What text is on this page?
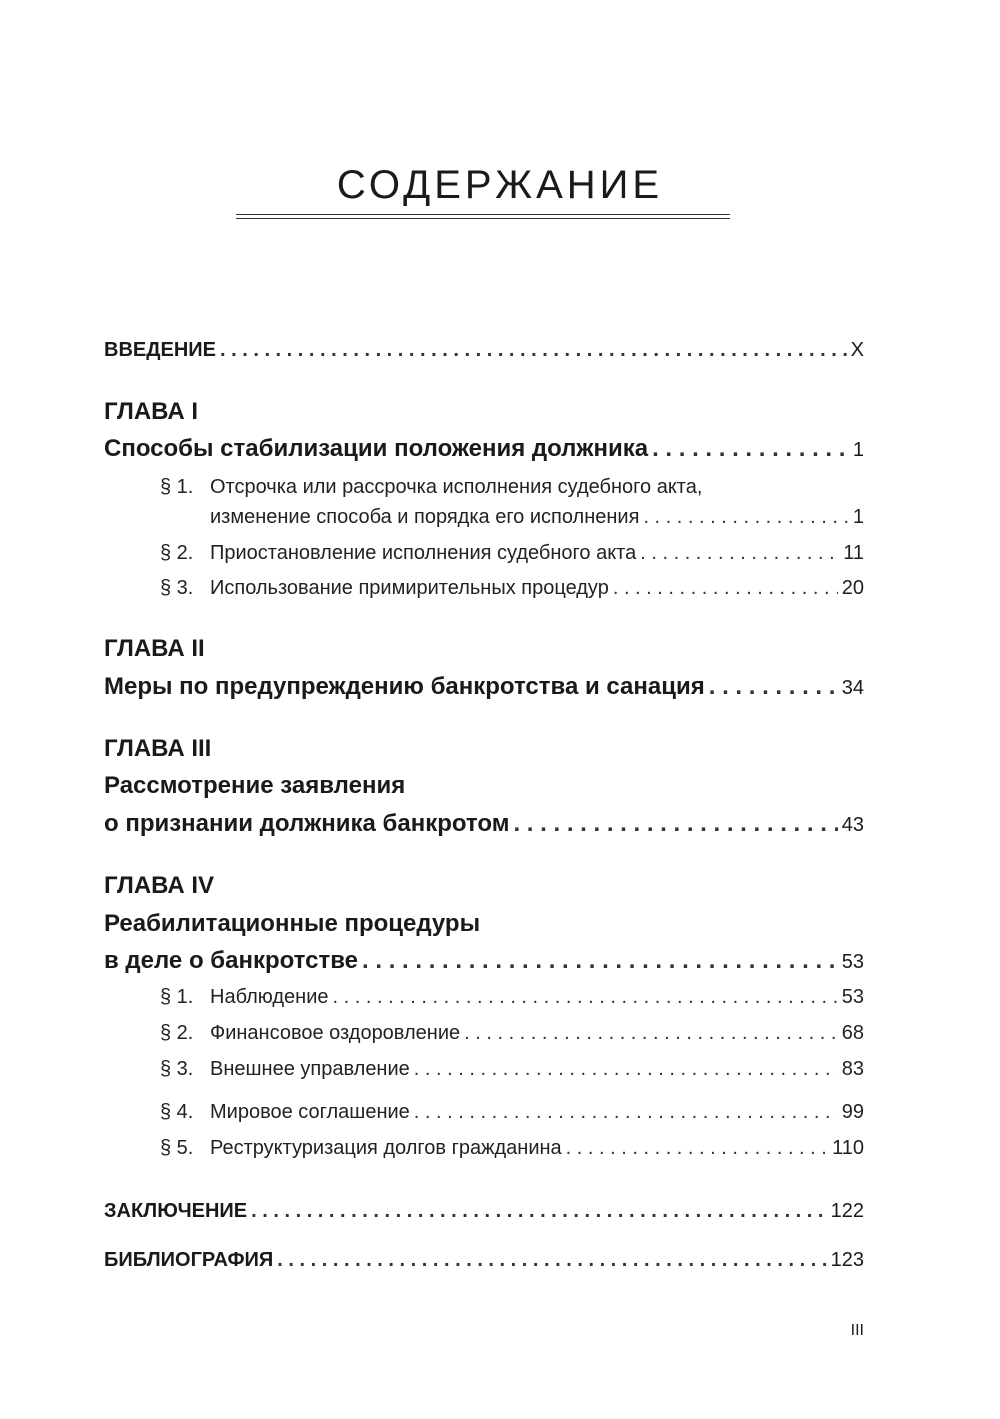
СОДЕРЖАНИЕ
ВВЕДЕНИЕ . . .	X
ГЛАВА I
Способы стабилизации положения должника . . .	1
§ 1. Отсрочка или рассрочка исполнения судебного акта,
изменение способа и порядка его исполнения . . .	1
§ 2. Приостановление исполнения судебного акта . . .	11
§ 3. Использование примирительных процедур . . .	20
ГЛАВА II
Меры по предупреждению банкротства и санация . . .	34
ГЛАВА III
Рассмотрение заявления
о признании должника банкротом . . .	43
ГЛАВА IV
Реабилитационные процедуры
в деле о банкротстве . . .	53
§ 1. Наблюдение . . .	53
§ 2. Финансовое оздоровление . . .	68
§ 3. Внешнее управление . . .	83
§ 4. Мировое соглашение . . .	99
§ 5. Реструктуризация долгов гражданина . . .	110
ЗАКЛЮЧЕНИЕ . . .	122
БИБЛИОГРАФИЯ . . .	123
III
